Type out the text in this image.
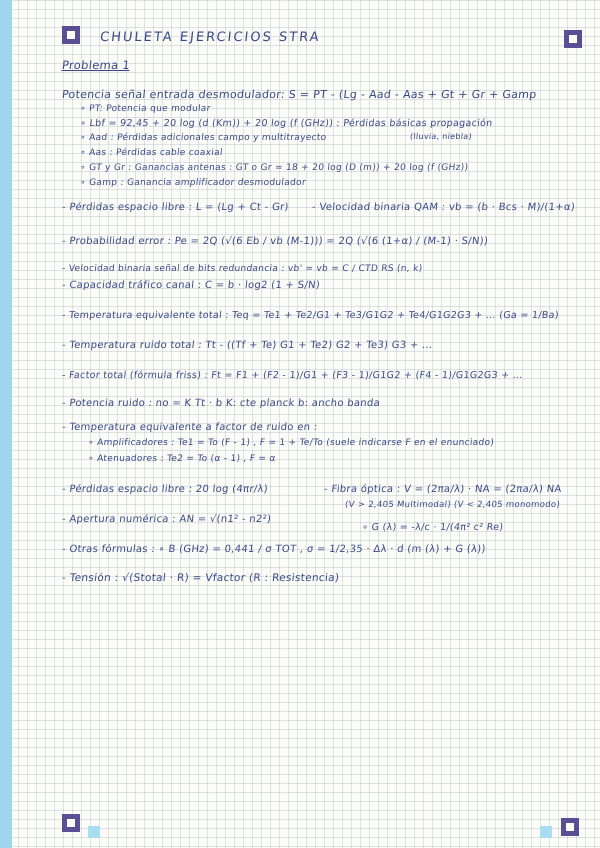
CHULETA EJERCICIOS STRA
Problema 1
Potencia señal entrada desmodulador: S = PT - (Lg - Aad - Aas + Gt + Gr + Gamp
∘ PT: Potencia que modular
∘ Lbf = 92,45 + 20 log (d (Km)) + 20 log (f (GHz)) : Pérdidas básicas propagación
∘ Aad : Pérdidas adicionales campo y multitrayecto	(lluvia, niebla)
∘ Aas : Pérdidas cable coaxial
∘ GT y Gr : Ganancias antenas : GT o Gr = 18 + 20 log (D (m)) + 20 log (f (GHz))
∘ Gamp : Ganancia amplificador desmodulador
- Pérdidas espacio libre : L = (Lg + Ct - Gr) - Velocidad binaria QAM : vb = (b · Bcs · M)/(1+α)
- Probabilidad error : Pe = 2Q (√(6 Eb / vb (M-1))) = 2Q (√(6 (1+α) / (M-1) · S/N))
- Velocidad binaria señal de bits redundancia : vb' = vb = C / CTD RS (n, k)
- Capacidad tráfico canal : C = b · log2 (1 + S/N)
- Temperatura equivalente total : Teq = Te1 + Te2/G1 + Te3/G1G2 + Te4/G1G2G3 + ... (Ga = 1/Ba)
- Temperatura ruido total : Tt - ((Tf + Te) G1 + Te2) G2 + Te3) G3 + ...
- Factor total (fórmula friss) : Ft = F1 + (F2 - 1)/G1 + (F3 - 1)/G1G2 + (F4 - 1)/G1G2G3 + ...
- Potencia ruido : no = K Tt · b K: cte planck b: ancho banda
- Temperatura equivalente a factor de ruido en :
∘ Amplificadores : Te1 = To (F - 1) , F = 1 + Te/To (suele indicarse F en el enunciado)
∘ Atenuadores : Te2 = To (α - 1) , F = α
- Pérdidas espacio libre : 20 log (4πr/λ)	- Fibra óptica : V = (2πa/λ) · NA = (2πa/λ) NA
(V > 2,405 Multimodal) (V < 2,405 monomodo)
- Apertura numérica : AN = √(n1² - n2²)
∘ G (λ) = -λ/c · 1/(4π² c² Re)
- Otras fórmulas : ∘ B (GHz) = 0,441 / σ TOT , σ = 1/2,35 · Δλ · d (m (λ) + G (λ))
- Tensión : √(Stotal · R) = Vfactor (R : Resistencia)
